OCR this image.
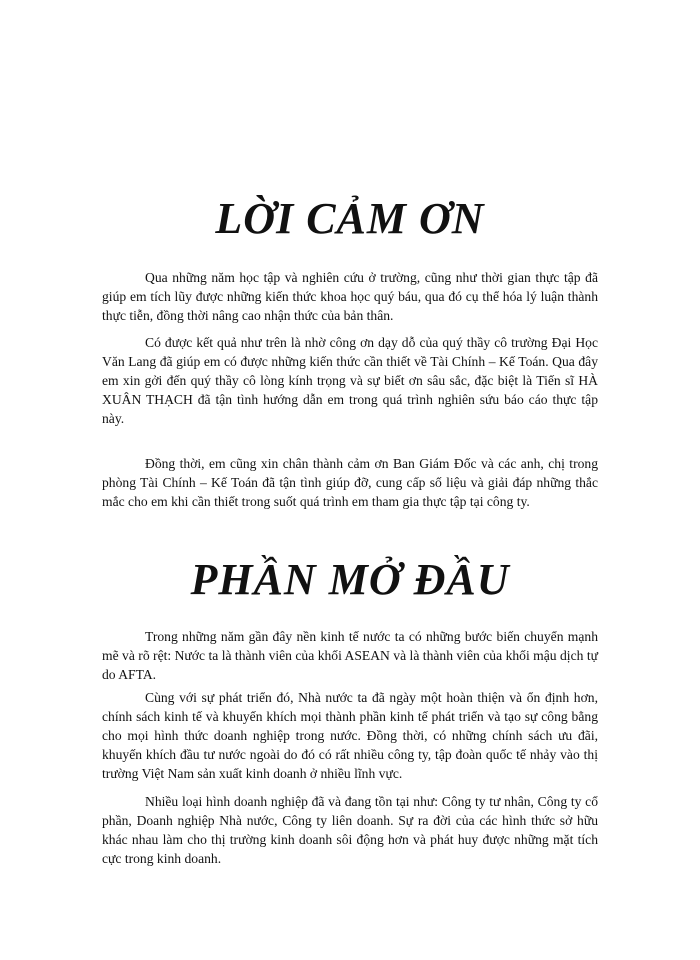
LỜI CẢM ƠN

Qua những năm học tập và nghiên cứu ở trường, cũng như thời gian thực tập đã giúp em tích lũy được những kiến thức khoa học quý báu, qua đó cụ thể hóa lý luận thành thực tiễn, đồng thời nâng cao nhận thức của bản thân.

Có được kết quả như trên là nhờ công ơn dạy dỗ của quý thầy cô trường Đại Học Văn Lang đã giúp em có được những kiến thức cần thiết về Tài Chính – Kế Toán. Qua đây em xin gởi đến quý thầy cô lòng kính trọng và sự biết ơn sâu sắc, đặc biệt là Tiến sĩ HÀ XUÂN THẠCH đã tận tình hướng dẫn em trong quá trình nghiên sứu báo cáo thực tập này.

Đồng thời, em cũng xin chân thành cảm ơn Ban Giám Đốc và các anh, chị trong phòng Tài Chính – Kế Toán đã tận tình giúp đỡ, cung cấp số liệu và giải đáp những thắc mắc cho em khi cần thiết trong suốt quá trình em tham gia thực tập tại công ty.

PHẦN MỞ ĐẦU

Trong những năm gần đây nền kinh tế nước ta có những bước biến chuyển mạnh mẽ và rõ rệt: Nước ta là thành viên của khối ASEAN và là thành viên của khối mậu dịch tự do AFTA.

Cùng với sự phát triển đó, Nhà nước ta đã ngày một hoàn thiện và ổn định hơn, chính sách kinh tế và khuyến khích mọi thành phần kinh tế phát triển và tạo sự công bằng cho mọi hình thức doanh nghiệp trong nước. Đồng thời, có những chính sách ưu đãi, khuyến khích đầu tư nước ngoài do đó có rất nhiều công ty, tập đoàn quốc tế nhảy vào thị trường Việt Nam sản xuất kinh doanh ở nhiều lĩnh vực.

Nhiều loại hình doanh nghiệp đã và đang tồn tại như: Công ty tư nhân, Công ty cổ phần, Doanh nghiệp Nhà nước, Công ty liên doanh. Sự ra đời của các hình thức sở hữu khác nhau làm cho thị trường kinh doanh sôi động hơn và phát huy được những mặt tích cực trong kinh doanh.
